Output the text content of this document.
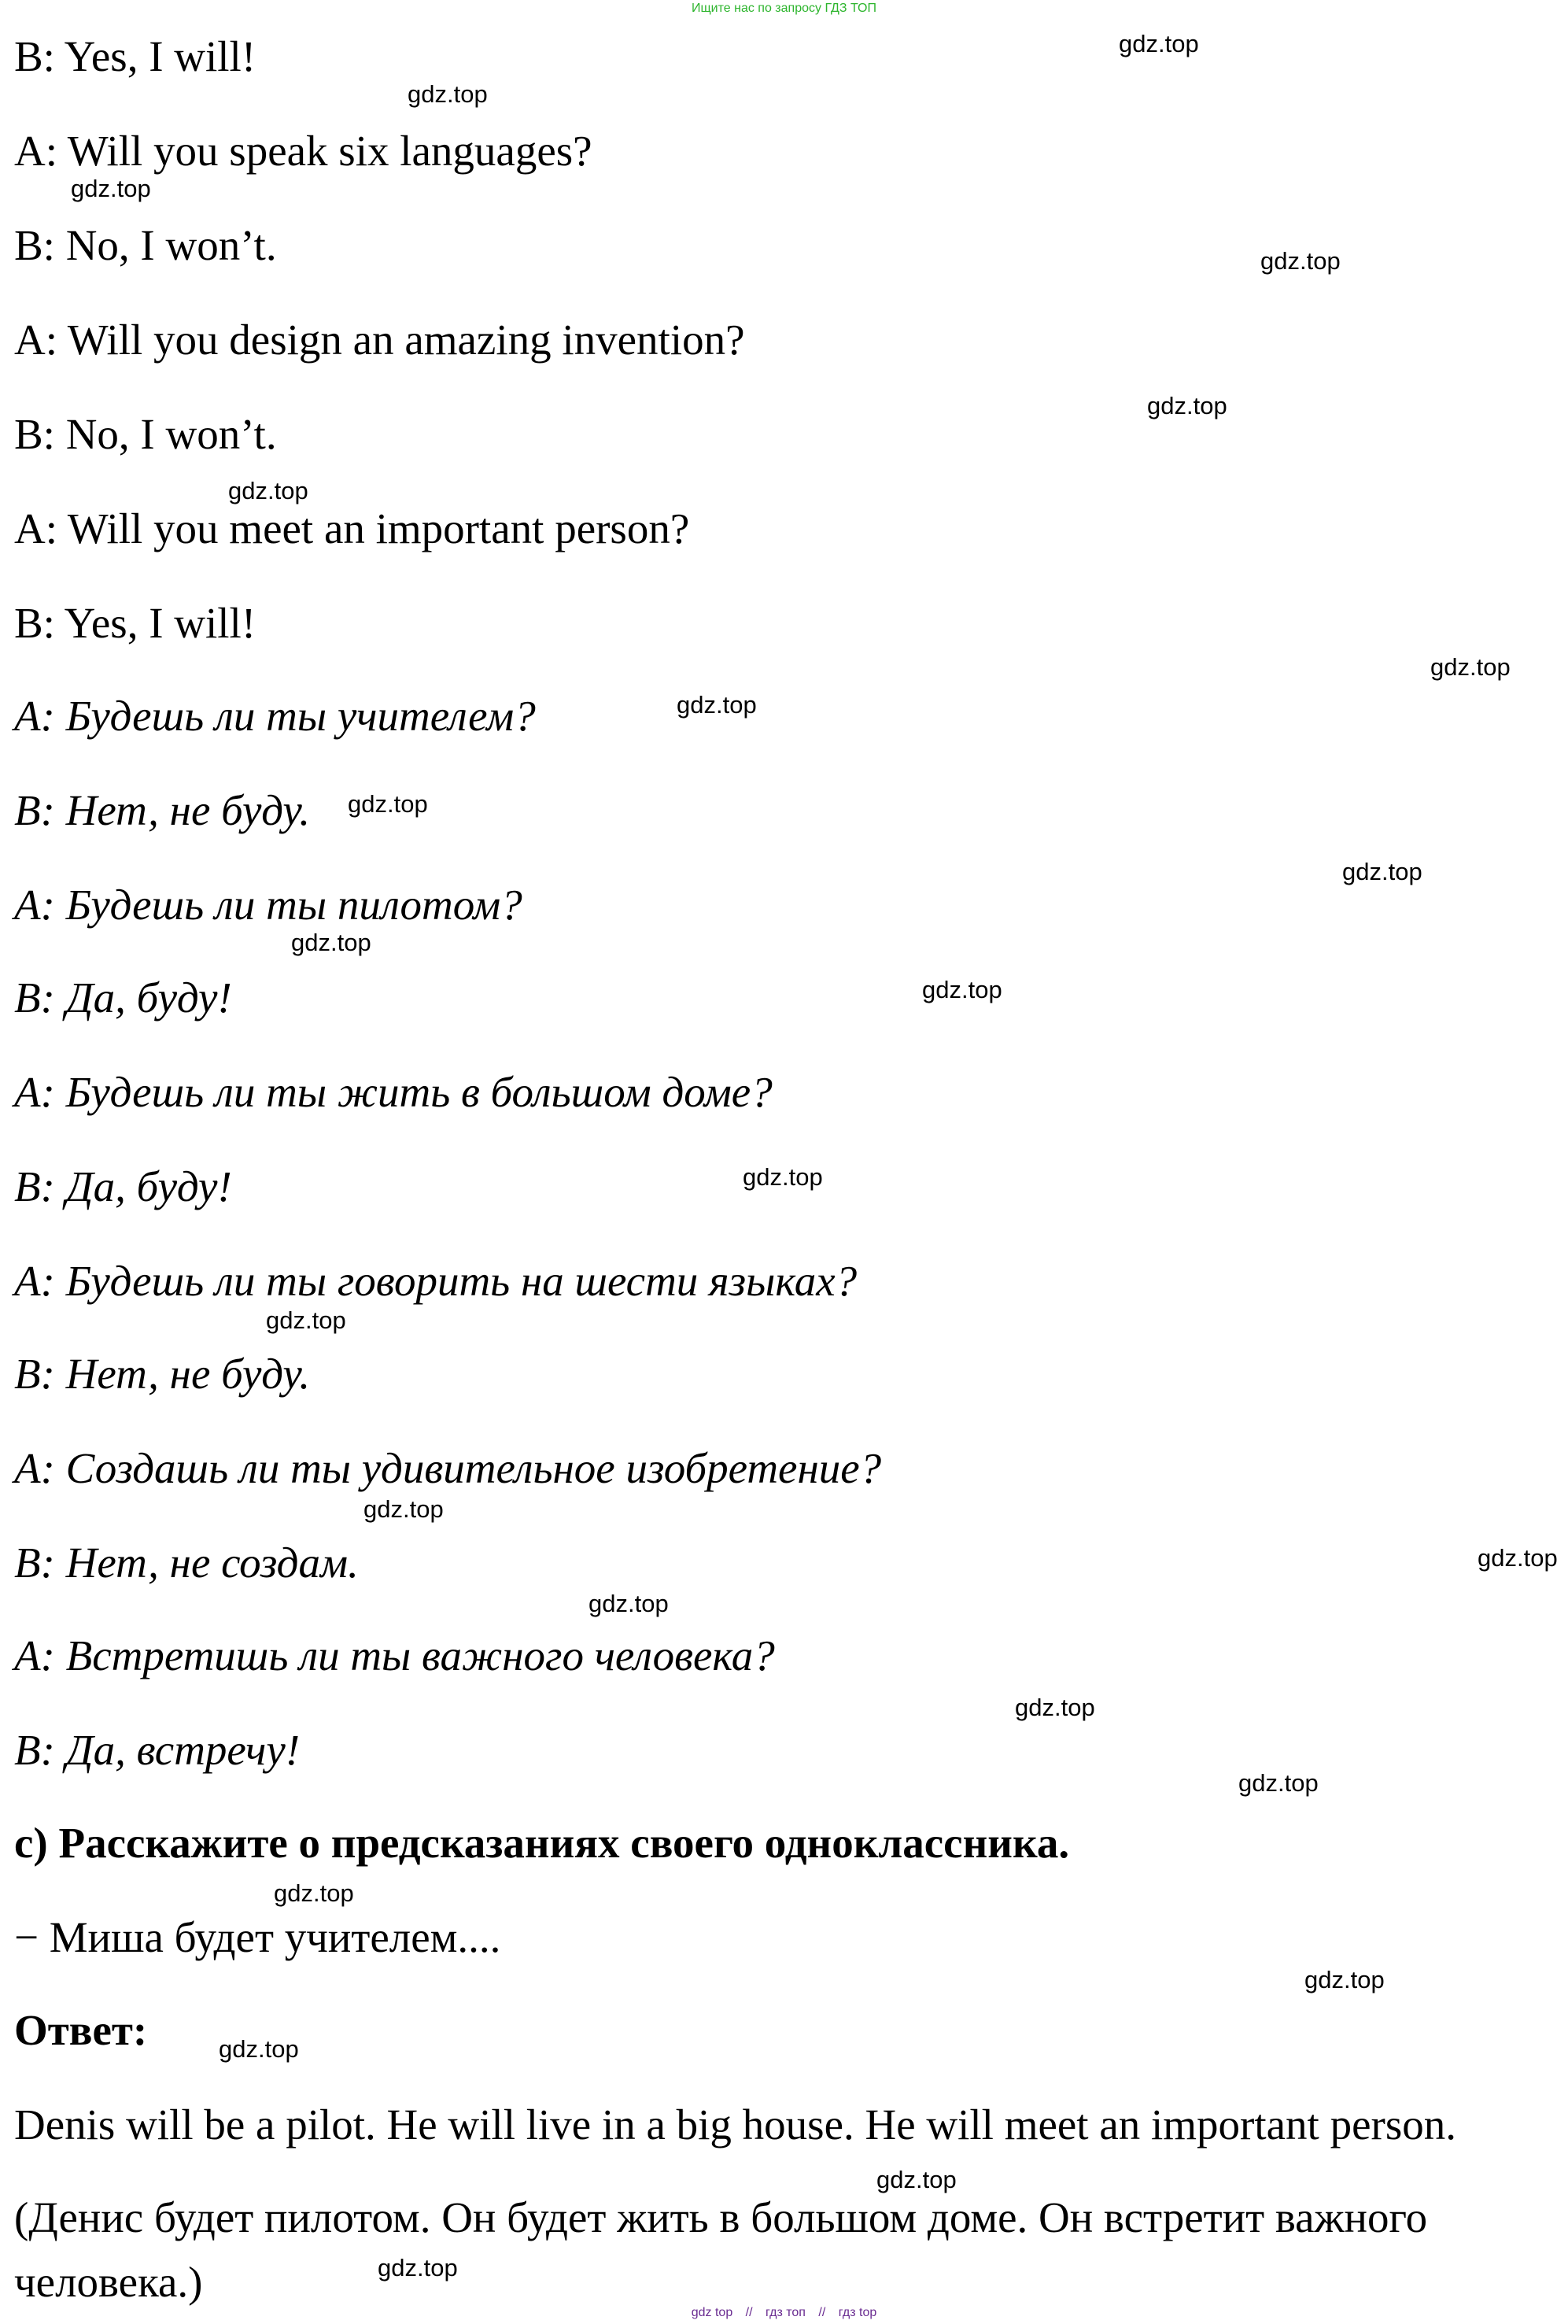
Ищите нас по запросу ГДЗ ТОП
B: Yes, I will!
A: Will you speak six languages?
B: No, I won’t.
A: Will you design an amazing invention?
B: No, I won’t.
A: Will you meet an important person?
B: Yes, I will!
A: Будешь ли ты учителем?
B: Нет, не буду.
A: Будешь ли ты пилотом?
B: Да, буду!
A: Будешь ли ты жить в большом доме?
B: Да, буду!
A: Будешь ли ты говорить на шести языках?
B: Нет, не буду.
A: Создашь ли ты удивительное изобретение?
B: Нет, не создам.
A: Встретишь ли ты важного человека?
B: Да, встречу!
c) Расскажите о предсказаниях своего одноклассника.
− Миша будет учителем....
Ответ:
Denis will be a pilot. He will live in a big house. He will meet an important person.
(Денис будет пилотом. Он будет жить в большом доме. Он встретит важного
человека.)
gdz.top
gdz.top
gdz.top
gdz.top
gdz.top
gdz.top
gdz.top
gdz.top
gdz.top
gdz.top
gdz.top
gdz.top
gdz.top
gdz.top
gdz.top
gdz.top
gdz.top
gdz.top
gdz.top
gdz.top
gdz.top
gdz.top
gdz.top
gdz.top
gdz top // гдз топ // гдз top
